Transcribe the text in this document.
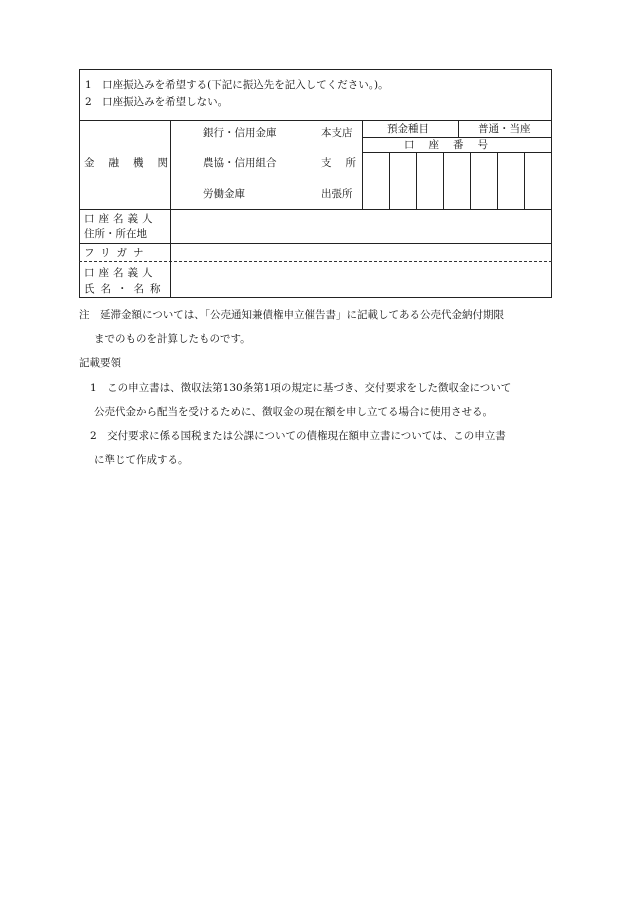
1　口座振込みを希望する(下記に振込先を記入してください。)。
2　口座振込みを希望しない。
金融機関
銀行・信用金庫
農協・信用組合
労働金庫
本支店
支所
出張所
預金種目	普通・当座
口座番号
口座名義人
住所・所在地
フリガナ
口座名義人
氏名・名称
注　延滞金額については、「公売通知兼債権申立催告書」に記載してある公売代金納付期限
までのものを計算したものです。
記載要領
1　この申立書は、徴収法第130条第1項の規定に基づき、交付要求をした徴収金について
公売代金から配当を受けるために、徴収金の現在額を申し立てる場合に使用させる。
2　交付要求に係る国税または公課についての債権現在額申立書については、この申立書
に準じて作成する。
